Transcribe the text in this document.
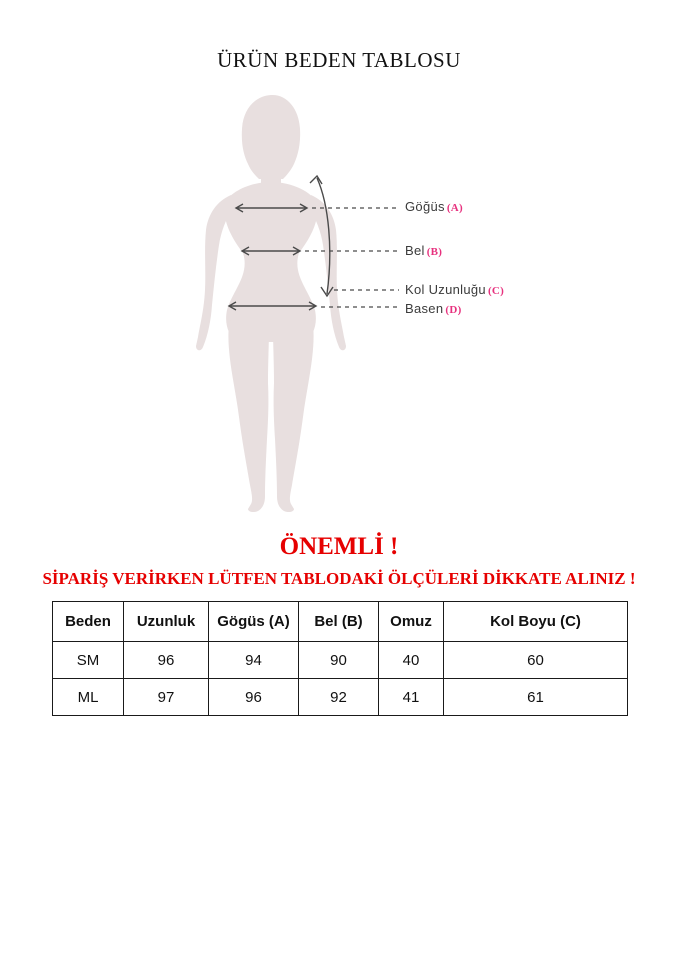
ÜRÜN BEDEN TABLOSU
Göğüs (A)
Bel (B)
Kol Uzunluğu (C)
Basen (D)
ÖNEMLİ !
SİPARİŞ VERİRKEN LÜTFEN TABLODAKİ ÖLÇÜLERİ DİKKATE ALINIZ !
Beden	Uzunluk	Gögüs (A)	Bel (B)	Omuz	Kol Boyu (C)
SM	96	94	90	40	60
ML	97	96	92	41	61
